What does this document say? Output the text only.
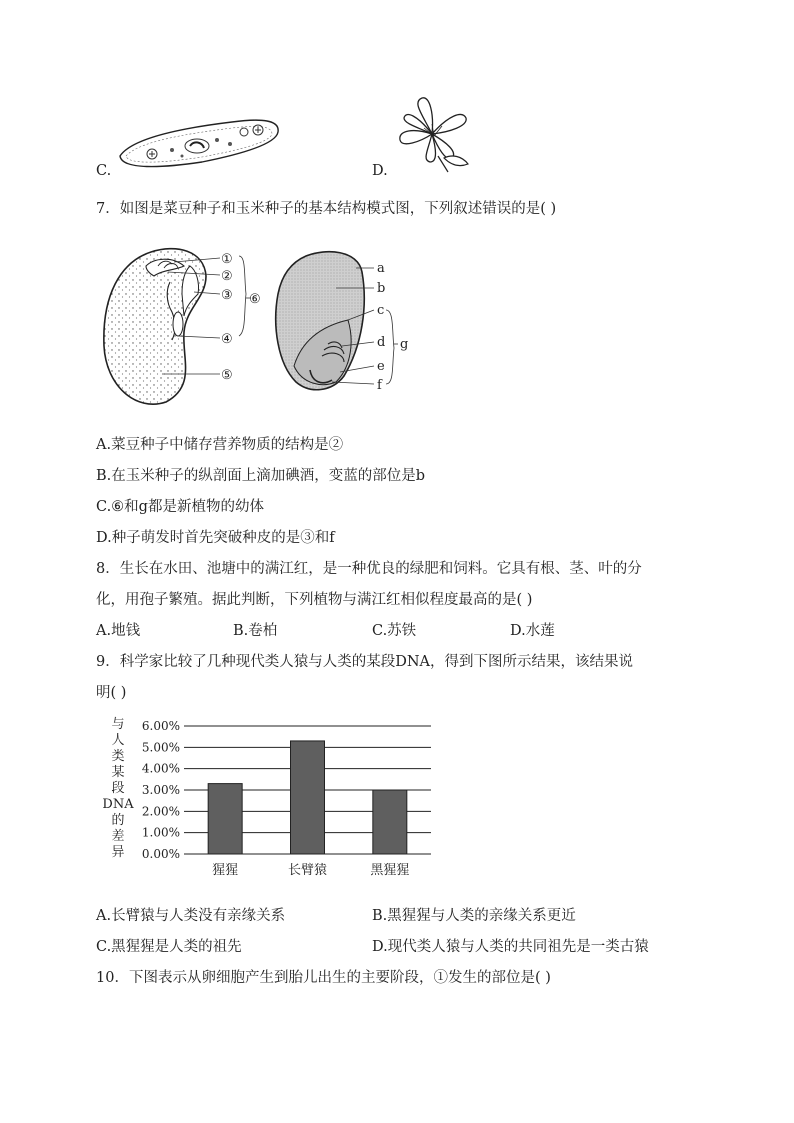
C.	D.
7．如图是菜豆种子和玉米种子的基本结构模式图，下列叙述错误的是( )
①
②
③
④
⑤
⑥
a
b
c
d
e
f
g
A.菜豆种子中储存营养物质的结构是②
B.在玉米种子的纵剖面上滴加碘酒，变蓝的部位是b
C.⑥和g都是新植物的幼体
D.种子萌发时首先突破种皮的是③和f
8．生长在水田、池塘中的满江红，是一种优良的绿肥和饲料。它具有根、茎、叶的分
化，用孢子繁殖。据此判断，下列植物与满江红相似程度最高的是( )
A.地钱	B.卷柏	C.苏铁	D.水莲
9．科学家比较了几种现代类人猿与人类的某段DNA，得到下图所示结果，该结果说
明( )
与
人
类
某
段
DNA
的
差
异 0.00%
1.00%
2.00%
3.00%
4.00%
5.00%
6.00%
猩猩	长臂猿	黑猩猩
A.长臂猿与人类没有亲缘关系	B.黑猩猩与人类的亲缘关系更近
C.黑猩猩是人类的祖先	D.现代类人猿与人类的共同祖先是一类古猿
10．下图表示从卵细胞产生到胎儿出生的主要阶段，①发生的部位是( )
